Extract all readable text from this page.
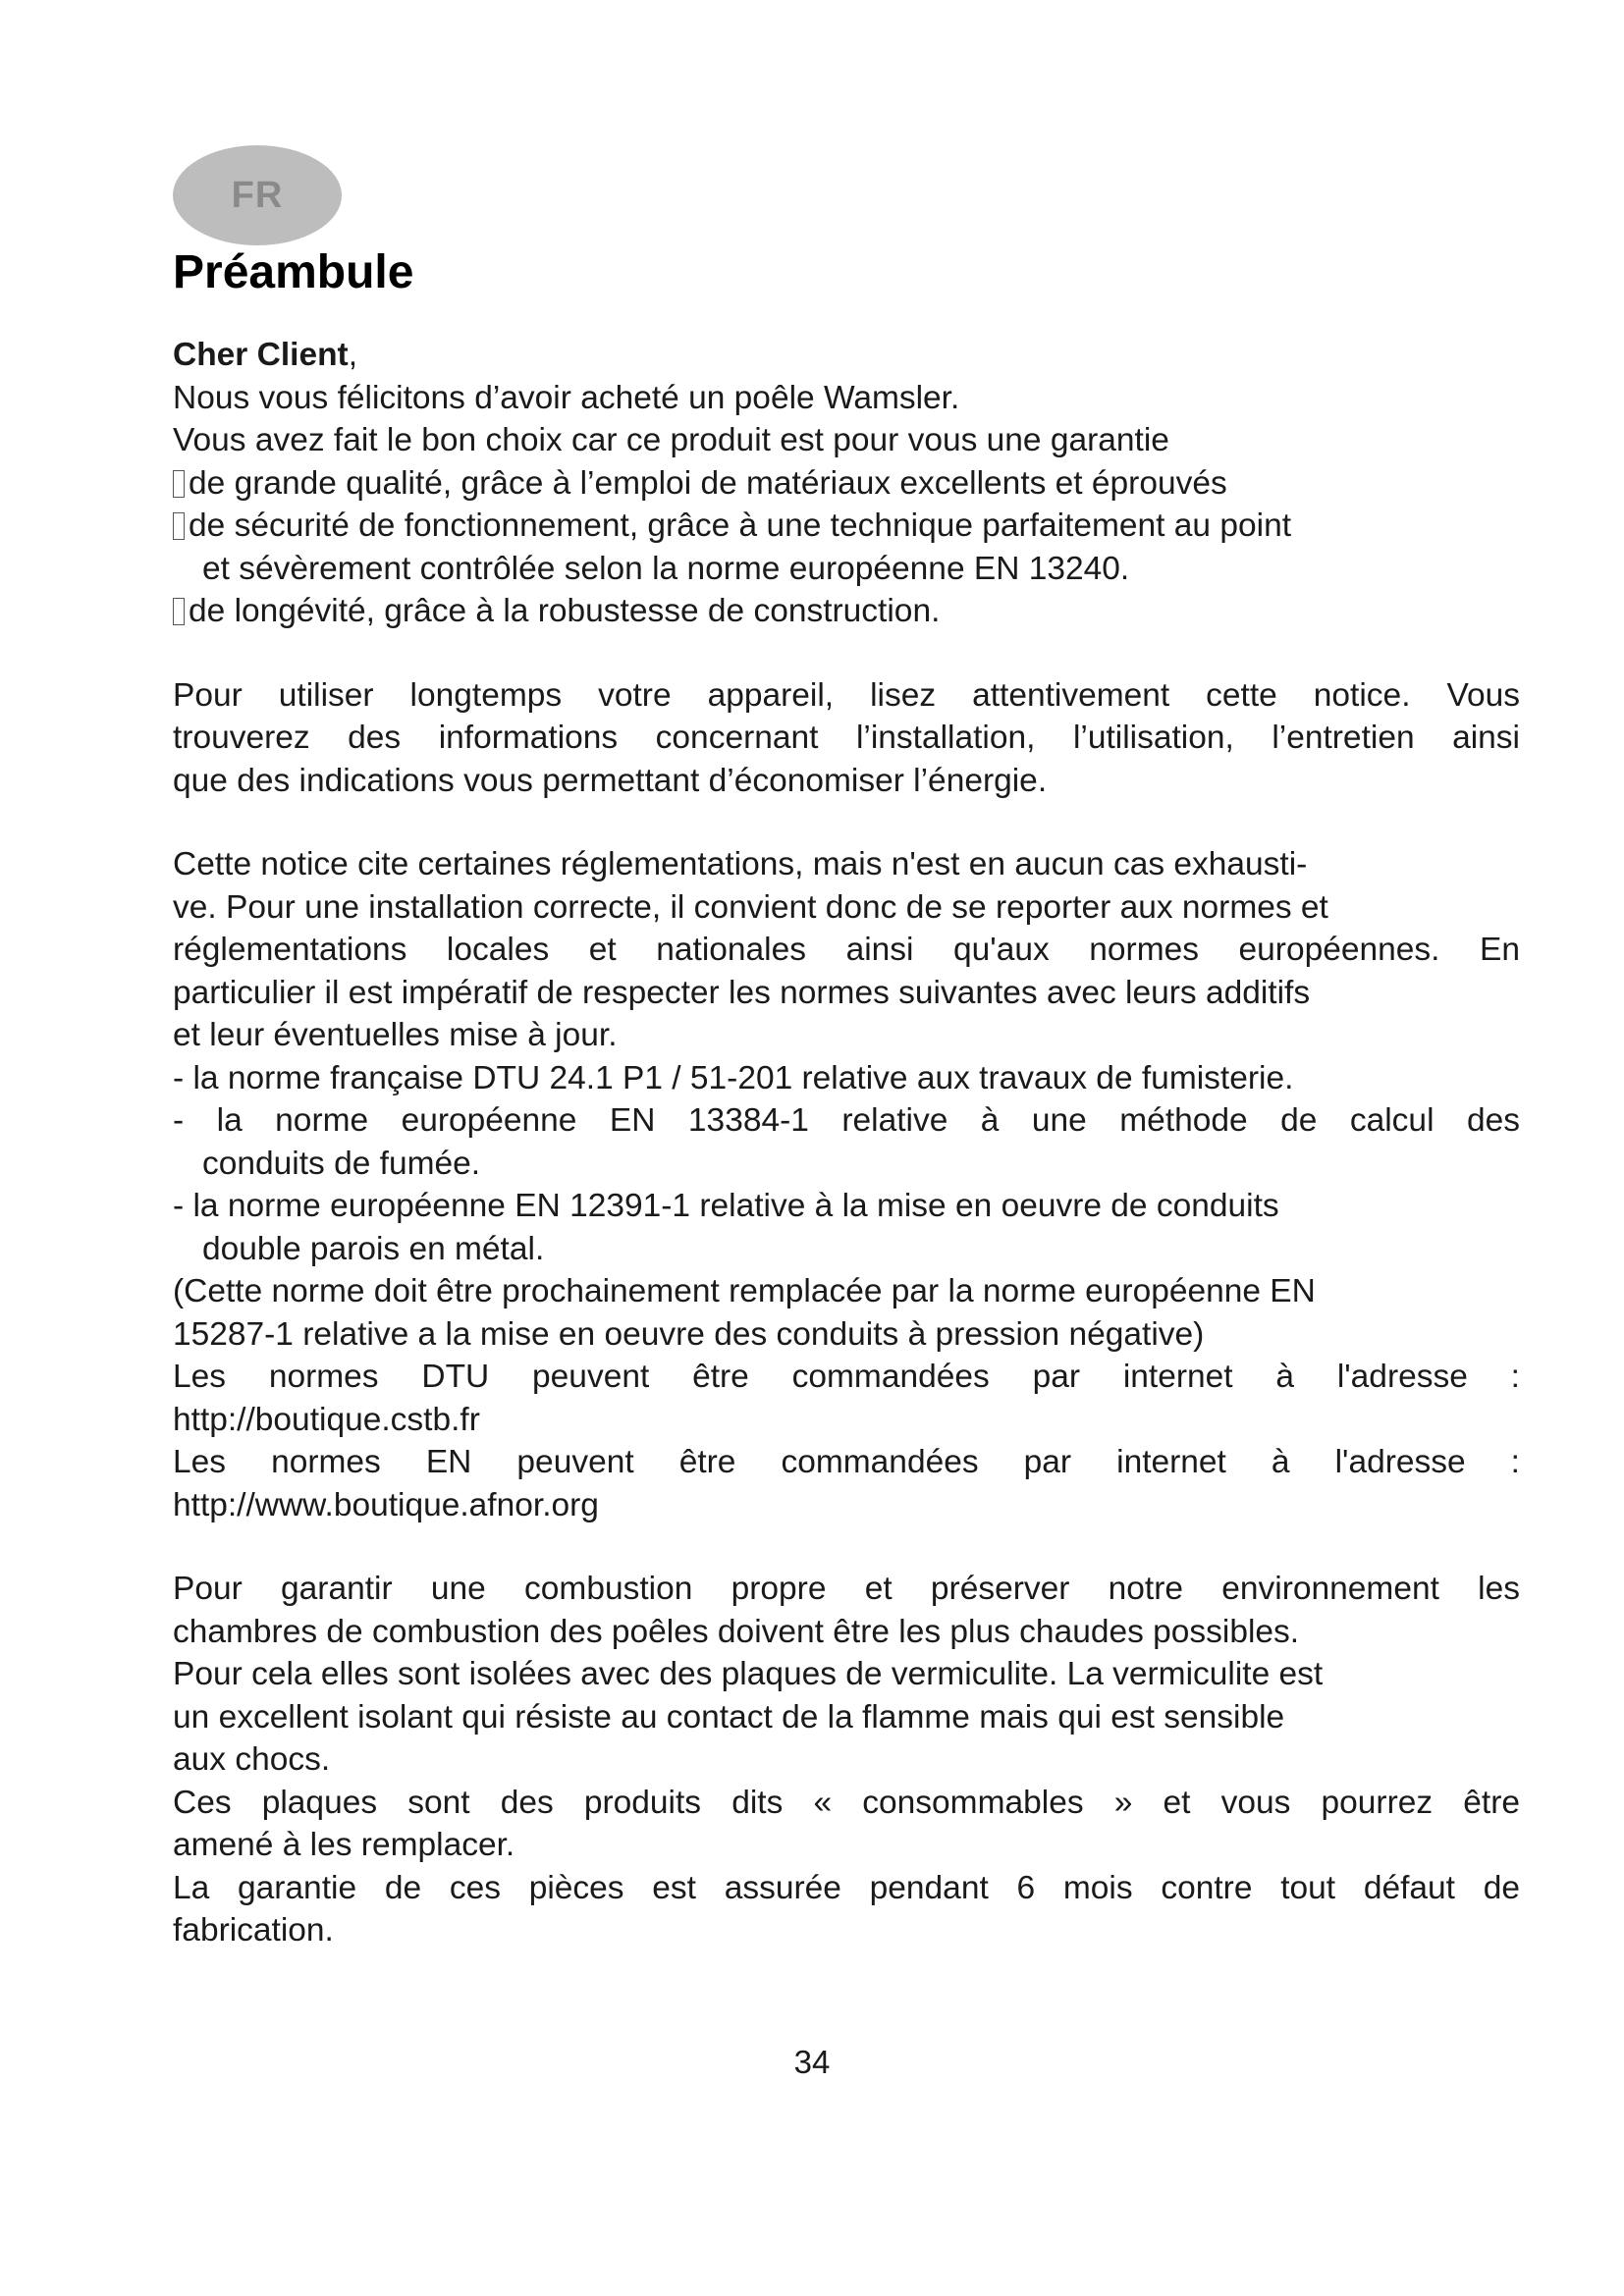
FR
Préambule
Cher Client,
Nous vous félicitons d’avoir acheté un poêle Wamsler.
Vous avez fait le bon choix car ce produit est pour vous une garantie
de grande qualité, grâce à l’emploi de matériaux excellents et éprouvés
de sécurité de fonctionnement, grâce à une technique parfaitement au point
et sévèrement contrôlée selon la norme européenne EN 13240.
de longévité, grâce à la robustesse de construction.
Pour utiliser longtemps votre appareil, lisez attentivement cette notice. Vous
trouverez des informations concernant l’installation, l’utilisation, l’entretien ainsi
que des indications vous permettant d’économiser l’énergie.
Cette notice cite certaines réglementations, mais n'est en aucun cas exhausti-
ve. Pour une installation correcte, il convient donc de se reporter aux normes et
réglementations locales et nationales ainsi qu'aux normes européennes. En
particulier il est impératif de respecter les normes suivantes avec leurs additifs
et leur éventuelles mise à jour.
- la norme française DTU 24.1 P1 / 51-201 relative aux travaux de fumisterie.
- la norme européenne EN 13384-1 relative à une méthode de calcul des
conduits de fumée.
- la norme européenne EN 12391-1 relative à la mise en oeuvre de conduits
double parois en métal.
(Cette norme doit être prochainement remplacée par la norme européenne EN
15287-1 relative a la mise en oeuvre des conduits à pression négative)
Les normes DTU peuvent être commandées par internet à l'adresse :
http://boutique.cstb.fr
Les normes EN peuvent être commandées par internet à l'adresse :
http://www.boutique.afnor.org
Pour garantir une combustion propre et préserver notre environnement les
chambres de combustion des poêles doivent être les plus chaudes possibles.
Pour cela elles sont isolées avec des plaques de vermiculite. La vermiculite est
un excellent isolant qui résiste au contact de la flamme mais qui est sensible
aux chocs.
Ces plaques sont des produits dits « consommables » et vous pourrez être
amené à les remplacer.
La garantie de ces pièces est assurée pendant 6 mois contre tout défaut de
fabrication.
34
